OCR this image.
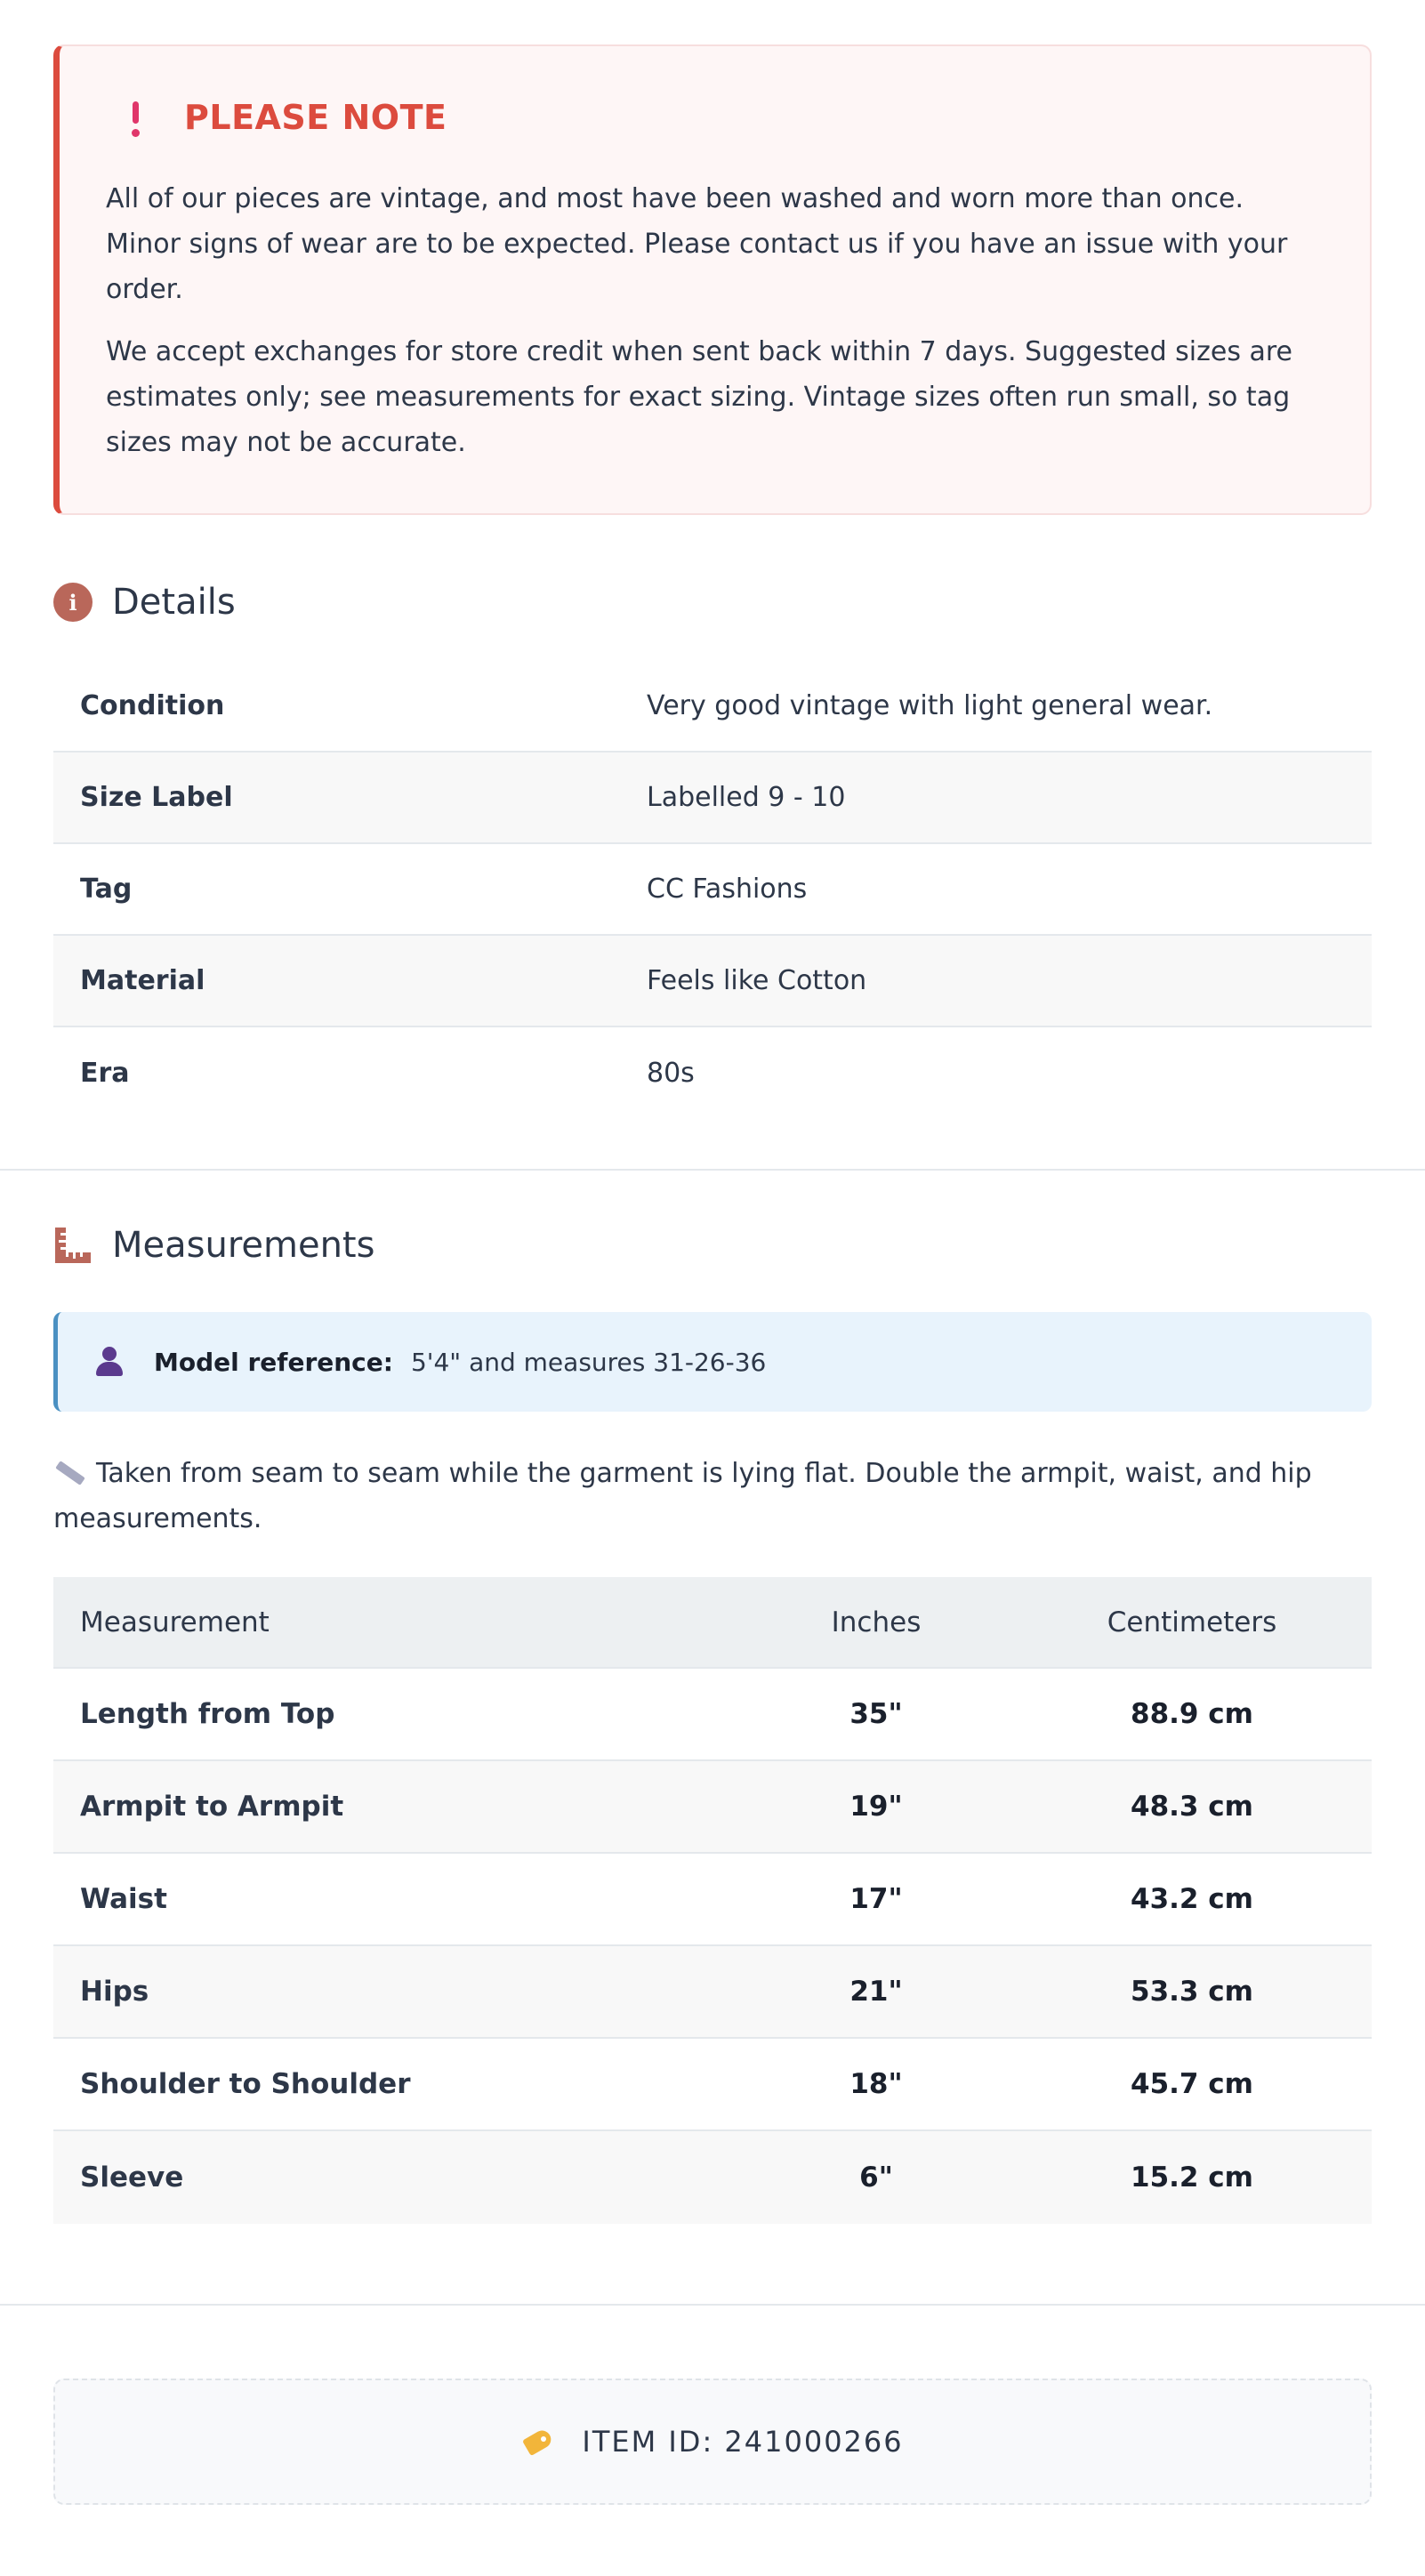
PLEASE NOTE

All of our pieces are vintage, and most have been washed and worn more than once. Minor signs of wear are to be expected. Please contact us if you have an issue with your order.

We accept exchanges for store credit when sent back within 7 days. Suggested sizes are estimates only; see measurements for exact sizing. Vintage sizes often run small, so tag sizes may not be accurate.

i Details
Condition	Very good vintage with light general wear.
Size Label	Labelled 9 - 10
Tag	CC Fashions
Material	Feels like Cotton
Era	80s
Measurements
Model reference: 5'4" and measures 31-26-36
Taken from seam to seam while the garment is lying flat. Double the armpit, waist, and hip measurements.
Measurement	Inches	Centimeters
Length from Top	35"	88.9 cm
Armpit to Armpit	19"	48.3 cm
Waist	17"	43.2 cm
Hips	21"	53.3 cm
Shoulder to Shoulder	18"	45.7 cm
Sleeve	6"	15.2 cm
ITEM ID: 241000266
